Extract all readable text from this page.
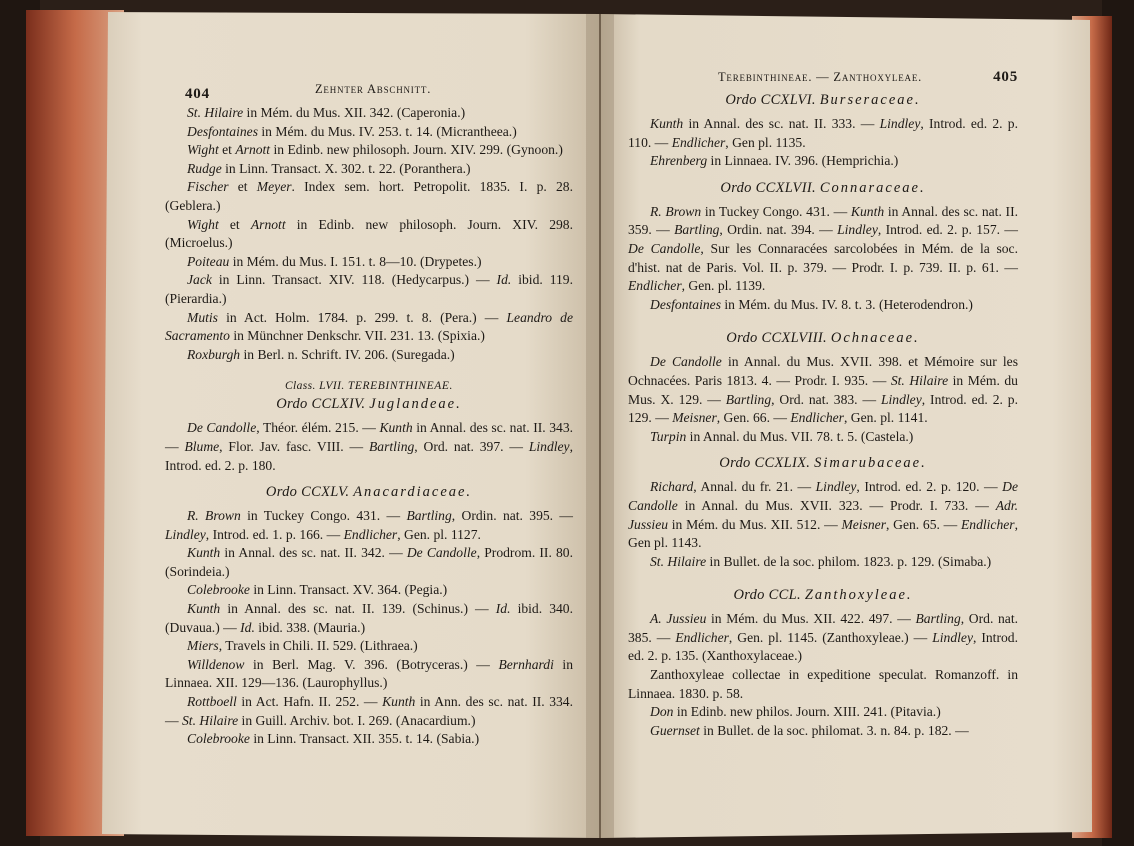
404	Zehnter Abschnitt.

St. Hilaire in Mém. du Mus. XII. 342. (Caperonia.)

Desfontaines in Mém. du Mus. IV. 253. t. 14. (Micrantheea.)

Wight et Arnott in Edinb. new philosoph. Journ. XIV. 299. (Gynoon.)

Rudge in Linn. Transact. X. 302. t. 22. (Poranthera.)

Fischer et Meyer. Index sem. hort. Petropolit. 1835. I. p. 28. (Geblera.)

Wight et Arnott in Edinb. new philosoph. Journ. XIV. 298. (Microelus.)

Poiteau in Mém. du Mus. I. 151. t. 8—10. (Drypetes.)

Jack in Linn. Transact. XIV. 118. (Hedycarpus.) — Id. ibid. 119. (Pierardia.)

Mutis in Act. Holm. 1784. p. 299. t. 8. (Pera.) — Leandro de Sacramento in Münchner Denkschr. VII. 231. 13. (Spixia.)

Roxburgh in Berl. n. Schrift. IV. 206. (Suregada.)

Class. LVII. TEREBINTHINEAE.
Ordo CCLXIV. Juglandeae.

De Candolle, Théor. élém. 215. — Kunth in Annal. des sc. nat. II. 343. — Blume, Flor. Jav. fasc. VIII. — Bartling, Ord. nat. 397. — Lindley, Introd. ed. 2. p. 180.

Ordo CCXLV. Anacardiaceae.

R. Brown in Tuckey Congo. 431. — Bartling, Ordin. nat. 395. — Lindley, Introd. ed. 1. p. 166. — Endlicher, Gen. pl. 1127.

Kunth in Annal. des sc. nat. II. 342. — De Candolle, Prodrom. II. 80. (Sorindeia.)

Colebrooke in Linn. Transact. XV. 364. (Pegia.)

Kunth in Annal. des sc. nat. II. 139. (Schinus.) — Id. ibid. 340. (Duvaua.) — Id. ibid. 338. (Mauria.)

Miers, Travels in Chili. II. 529. (Lithraea.)

Willdenow in Berl. Mag. V. 396. (Botryceras.) — Bernhardi in Linnaea. XII. 129—136. (Laurophyllus.)

Rottboell in Act. Hafn. II. 252. — Kunth in Ann. des sc. nat. II. 334. — St. Hilaire in Guill. Archiv. bot. I. 269. (Anacardium.)

Colebrooke in Linn. Transact. XII. 355. t. 14. (Sabia.)

Terebinthineae. — Zanthoxyleae.	405
Ordo CCXLVI. Burseraceae.

Kunth in Annal. des sc. nat. II. 333. — Lindley, Introd. ed. 2. p. 110. — Endlicher, Gen pl. 1135.

Ehrenberg in Linnaea. IV. 396. (Hemprichia.)

Ordo CCXLVII. Connaraceae.

R. Brown in Tuckey Congo. 431. — Kunth in Annal. des sc. nat. II. 359. — Bartling, Ordin. nat. 394. — Lindley, Introd. ed. 2. p. 157. — De Candolle, Sur les Connaracées sarcolobées in Mém. de la soc. d'hist. nat de Paris. Vol. II. p. 379. — Prodr. I. p. 739. II. p. 61. — Endlicher, Gen. pl. 1139.

Desfontaines in Mém. du Mus. IV. 8. t. 3. (Heterodendron.)

Ordo CCXLVIII. Ochnaceae.

De Candolle in Annal. du Mus. XVII. 398. et Mémoire sur les Ochnacées. Paris 1813. 4. — Prodr. I. 935. — St. Hilaire in Mém. du Mus. X. 129. — Bartling, Ord. nat. 383. — Lindley, Introd. ed. 2. p. 129. — Meisner, Gen. 66. — Endlicher, Gen. pl. 1141.

Turpin in Annal. du Mus. VII. 78. t. 5. (Castela.)

Ordo CCXLIX. Simarubaceae.

Richard, Annal. du fr. 21. — Lindley, Introd. ed. 2. p. 120. — De Candolle in Annal. du Mus. XVII. 323. — Prodr. I. 733. — Adr. Jussieu in Mém. du Mus. XII. 512. — Meisner, Gen. 65. — Endlicher, Gen pl. 1143.

St. Hilaire in Bullet. de la soc. philom. 1823. p. 129. (Simaba.)

Ordo CCL. Zanthoxyleae.

A. Jussieu in Mém. du Mus. XII. 422. 497. — Bartling, Ord. nat. 385. — Endlicher, Gen. pl. 1145. (Zanthoxyleae.) — Lindley, Introd. ed. 2. p. 135. (Xanthoxylaceae.)

Zanthoxyleae collectae in expeditione speculat. Romanzoff. in Linnaea. 1830. p. 58.

Don in Edinb. new philos. Journ. XIII. 241. (Pitavia.)

Guernset in Bullet. de la soc. philomat. 3. n. 84. p. 182. —
